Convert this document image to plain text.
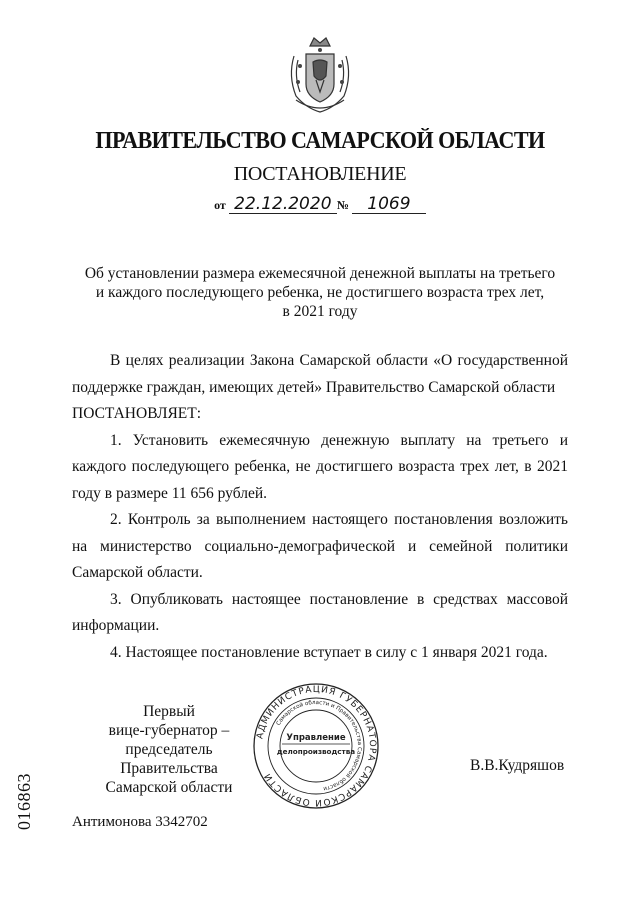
ПРАВИТЕЛЬСТВО САМАРСКОЙ ОБЛАСТИ
ПОСТАНОВЛЕНИЕ
от 22.12.2020 № 1069
Об установлении размера ежемесячной денежной выплаты на третьего
и каждого последующего ребенка, не достигшего возраста трех лет,
в 2021 году

В целях реализации Закона Самарской области «О государственной поддержке граждан, имеющих детей» Правительство Самарской области

ПОСТАНОВЛЯЕТ:

1. Установить ежемесячную денежную выплату на третьего и каждого последующего ребенка, не достигшего возраста трех лет, в 2021 году в размере 11 656 рублей.

2. Контроль за выполнением настоящего постановления возложить на министерство социально-демографической и семейной политики Самарской области.

3. Опубликовать настоящее постановление в средствах массовой информации.

4. Настоящее постановление вступает в силу с 1 января 2021 года.

Первый
вице-губернатор –
председатель Правительства
Самарской области
АДМИНИСТРАЦИЯ ГУБЕРНАТОРА САМАРСКОЙ ОБЛАСТИ
Самарской области и Правительства Самарской области
Управление
делопроизводства
В.В.Кудряшов
016863	Антимонова 3342702
